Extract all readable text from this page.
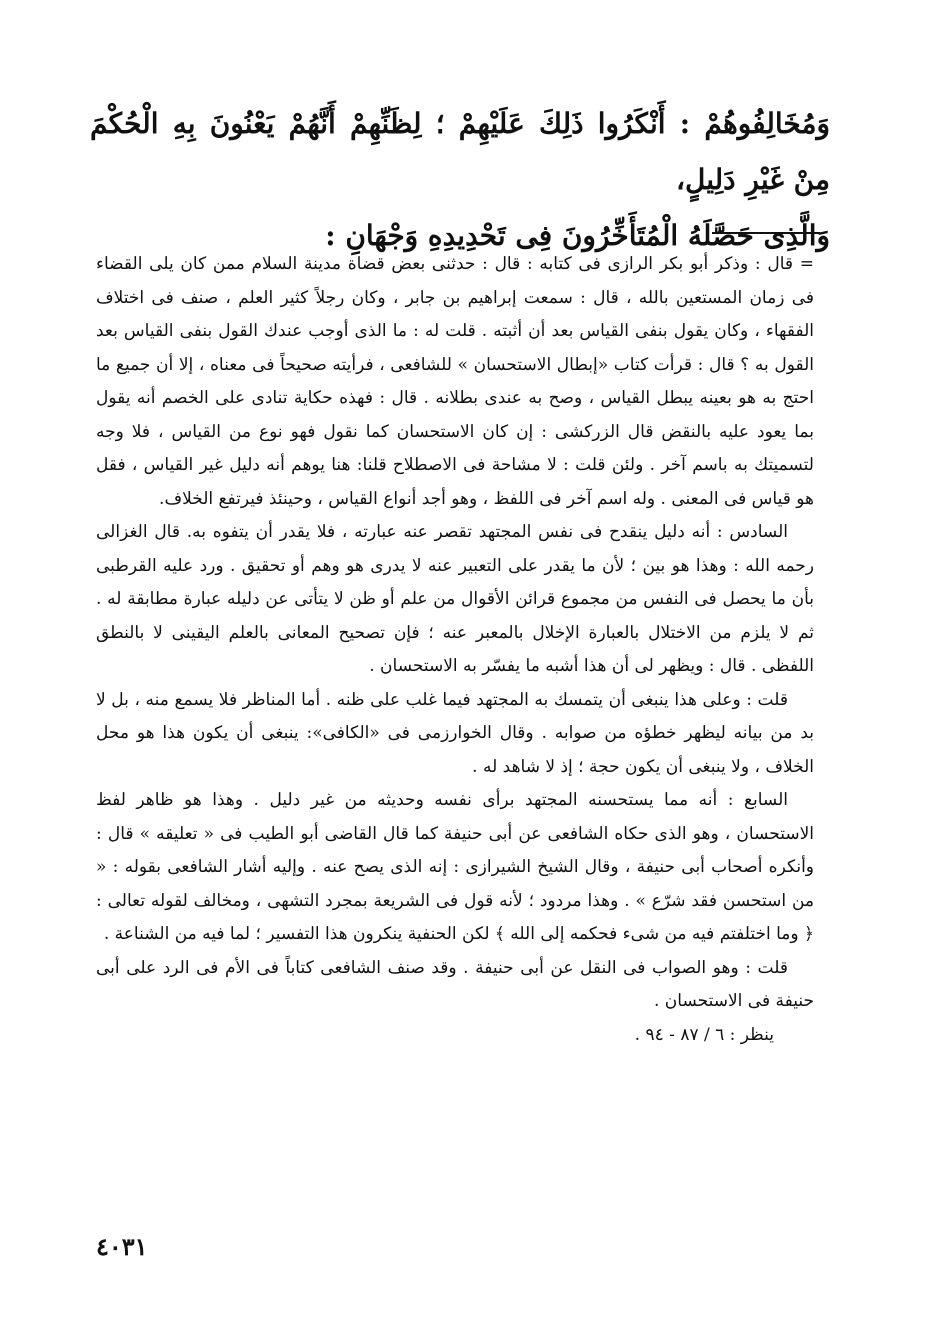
وَمُخَالِفُوهُمْ : أَنْكَرُوا ذَلِكَ عَلَيْهِمْ ؛ لِظَنِّهِمْ أَنَّهُمْ يَعْنُونَ بِهِ الْحُكْمَ مِنْ غَيْرِ دَلِيلٍ،

وَالَّذِى حَصَّلَهُ الْمُتَأَخِّرُونَ فِى تَحْدِيدِهِ وَجْهَانِ :

= قال : وذكر أبو بكر الرازى فى كتابه : قال : حدثنى بعض قضاة مدينة السلام ممن كان يلى القضاء فى زمان المستعين بالله ، قال : سمعت إبراهيم بن جابر ، وكان رجلاً كثير العلم ، صنف فى اختلاف الفقهاء ، وكان يقول بنفى القياس بعد أن أثبته . قلت له : ما الذى أوجب عندك القول بنفى القياس بعد القول به ؟ قال : قرأت كتاب «إبطال الاستحسان » للشافعى ، فرأيته صحيحاً فى معناه ، إلا أن جميع ما احتج به هو بعينه يبطل القياس ، وصح به عندى بطلانه . قال : فهذه حكاية تنادى على الخصم أنه يقول بما يعود عليه بالنقض قال الزركشى : إن كان الاستحسان كما نقول فهو نوع من القياس ، فلا وجه لتسميتك به باسم آخر . ولئن قلت : لا مشاحة فى الاصطلاح قلنا: هنا يوهم أنه دليل غير القياس ، فقل هو قياس فى المعنى . وله اسم آخر فى اللفظ ، وهو أجد أنواع القياس ، وحينئذ فيرتفع الخلاف.

السادس : أنه دليل ينقدح فى نفس المجتهد تقصر عنه عبارته ، فلا يقدر أن يتفوه به. قال الغزالى رحمه الله : وهذا هو بين ؛ لأن ما يقدر على التعبير عنه لا يدرى هو وهم أو تحقيق . ورد عليه القرطبى بأن ما يحصل فى النفس من مجموع قرائن الأقوال من علم أو ظن لا يتأتى عن دليله عبارة مطابقة له . ثم لا يلزم من الاختلال بالعبارة الإخلال بالمعبر عنه ؛ فإن تصحيح المعانى بالعلم اليقينى لا بالنطق اللفظى . قال : ويظهر لى أن هذا أشبه ما يفسّر به الاستحسان .

قلت : وعلى هذا ينبغى أن يتمسك به المجتهد فيما غلب على ظنه . أما المناظر فلا يسمع منه ، بل لا بد من بيانه ليظهر خطؤه من صوابه . وقال الخوارزمى فى «الكافى»: ينبغى أن يكون هذا هو محل الخلاف ، ولا ينبغى أن يكون حجة ؛ إذ لا شاهد له .

السابع : أنه مما يستحسنه المجتهد برأى نفسه وحديثه من غير دليل . وهذا هو ظاهر لفظ الاستحسان ، وهو الذى حكاه الشافعى عن أبى حنيفة كما قال القاضى أبو الطيب فى « تعليقه » قال : وأنكره أصحاب أبى حنيفة ، وقال الشيخ الشيرازى : إنه الذى يصح عنه . وإليه أشار الشافعى بقوله : « من استحسن فقد شرّع » . وهذا مردود ؛ لأنه قول فى الشريعة بمجرد التشهى ، ومخالف لقوله تعالى : ﴿ وما اختلفتم فيه من شىء فحكمه إلى الله ﴾ لكن الحنفية ينكرون هذا التفسير ؛ لما فيه من الشناعة .

قلت : وهو الصواب فى النقل عن أبى حنيفة . وقد صنف الشافعى كتاباً فى الأم فى الرد على أبى حنيفة فى الاستحسان .

ينظر : ٦ / ٨٧ - ٩٤ .

٤٠٣١
